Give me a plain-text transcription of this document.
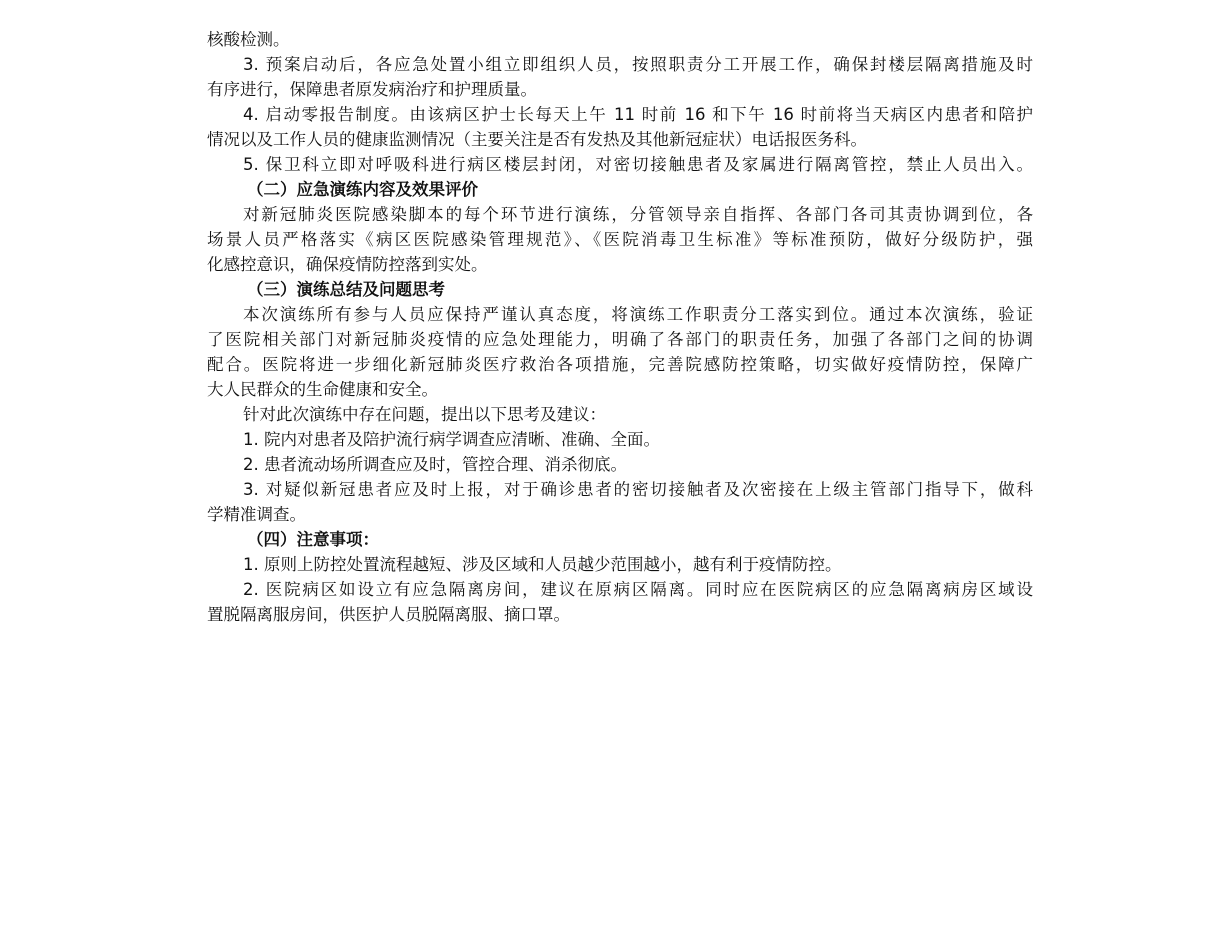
核酸检测。
3. 预案启动后，各应急处置小组立即组织人员，按照职责分工开展工作，确保封楼层隔离措施及时
有序进行，保障患者原发病治疗和护理质量。
4. 启动零报告制度。由该病区护士长每天上午 11 时前 16 和下午 16 时前将当天病区内患者和陪护
情况以及工作人员的健康监测情况（主要关注是否有发热及其他新冠症状）电话报医务科。
5. 保卫科立即对呼吸科进行病区楼层封闭，对密切接触患者及家属进行隔离管控，禁止人员出入。
（二）应急演练内容及效果评价
对新冠肺炎医院感染脚本的每个环节进行演练，分管领导亲自指挥、各部门各司其责协调到位，各
场景人员严格落实《病区医院感染管理规范》、《医院消毒卫生标准》等标准预防，做好分级防护，强
化感控意识，确保疫情防控落到实处。
（三）演练总结及问题思考
本次演练所有参与人员应保持严谨认真态度，将演练工作职责分工落实到位。通过本次演练，验证
了医院相关部门对新冠肺炎疫情的应急处理能力，明确了各部门的职责任务，加强了各部门之间的协调
配合。医院将进一步细化新冠肺炎医疗救治各项措施，完善院感防控策略，切实做好疫情防控，保障广
大人民群众的生命健康和安全。
针对此次演练中存在问题，提出以下思考及建议：
1. 院内对患者及陪护流行病学调查应清晰、准确、全面。
2. 患者流动场所调查应及时，管控合理、消杀彻底。
3. 对疑似新冠患者应及时上报，对于确诊患者的密切接触者及次密接在上级主管部门指导下，做科
学精准调查。
（四）注意事项：
1. 原则上防控处置流程越短、涉及区域和人员越少范围越小，越有利于疫情防控。
2. 医院病区如设立有应急隔离房间，建议在原病区隔离。同时应在医院病区的应急隔离病房区域设
置脱隔离服房间，供医护人员脱隔离服、摘口罩。
